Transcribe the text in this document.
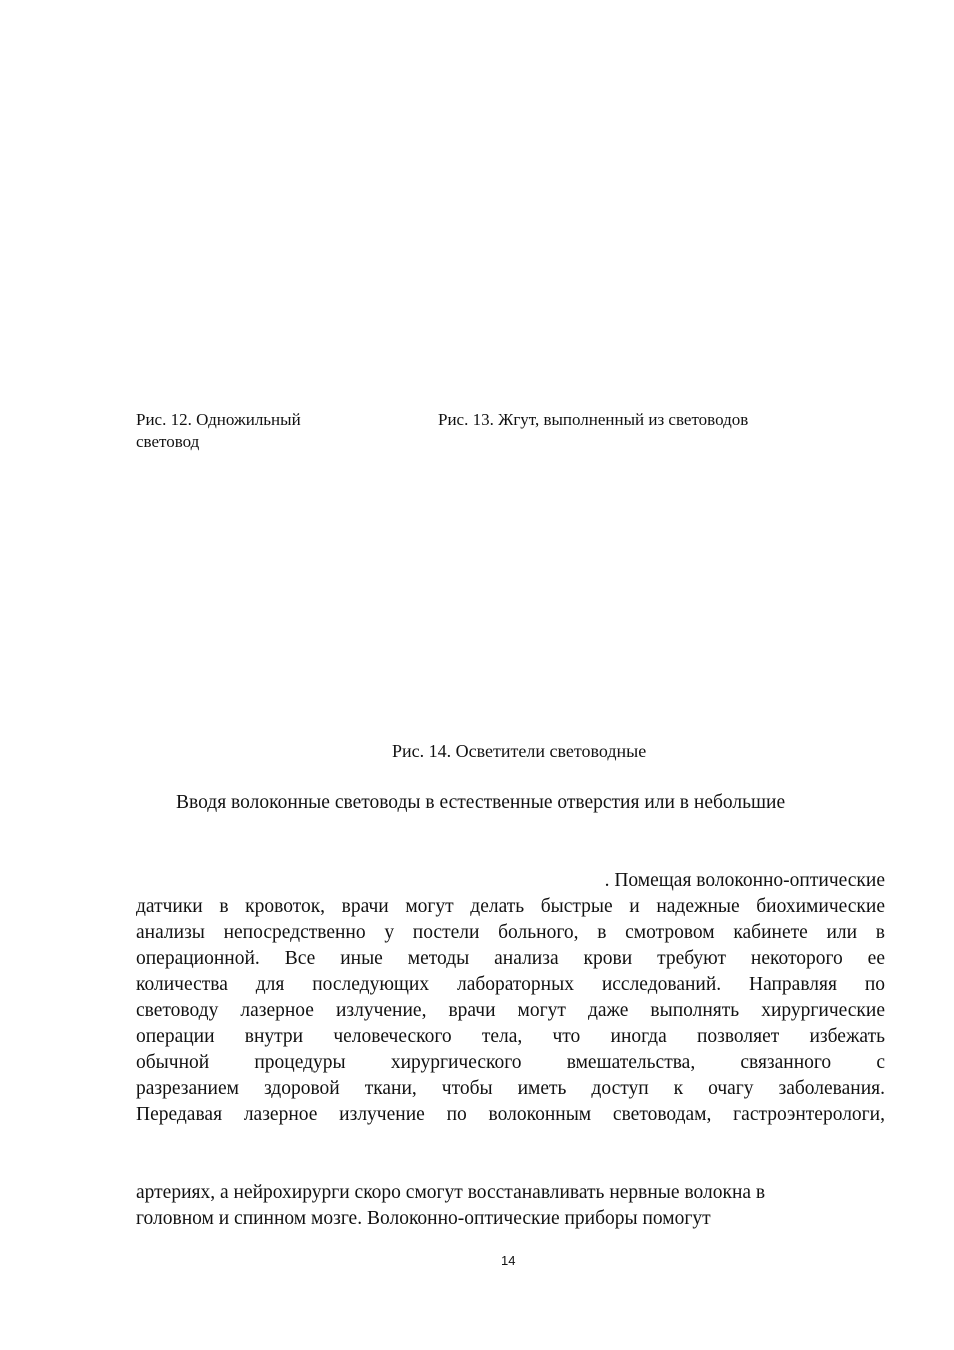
Рис. 12. Одножильный
световод
Рис. 13. Жгут, выполненный из световодов
Рис. 14. Осветители световодные
Вводя волоконные световоды в естественные отверстия или в небольшие
. Помещая волоконно-оптические
датчики в кровоток, врачи могут делать быстрые и надежные биохимические
анализы непосредственно у постели больного, в смотровом кабинете или в
операционной. Все иные методы анализа крови требуют некоторого ее
количества для последующих лабораторных исследований. Направляя по
световоду лазерное излучение, врачи могут даже выполнять хирургические
операции внутри человеческого тела, что иногда позволяет избежать
обычной процедуры хирургического вмешательства, связанного с
разрезанием здоровой ткани, чтобы иметь доступ к очагу заболевания.
Передавая лазерное излучение по волоконным световодам, гастроэнтерологи,
артериях, а нейрохирурги скоро смогут восстанавливать нервные волокна в
головном и спинном мозге. Волоконно-оптические приборы помогут
14
